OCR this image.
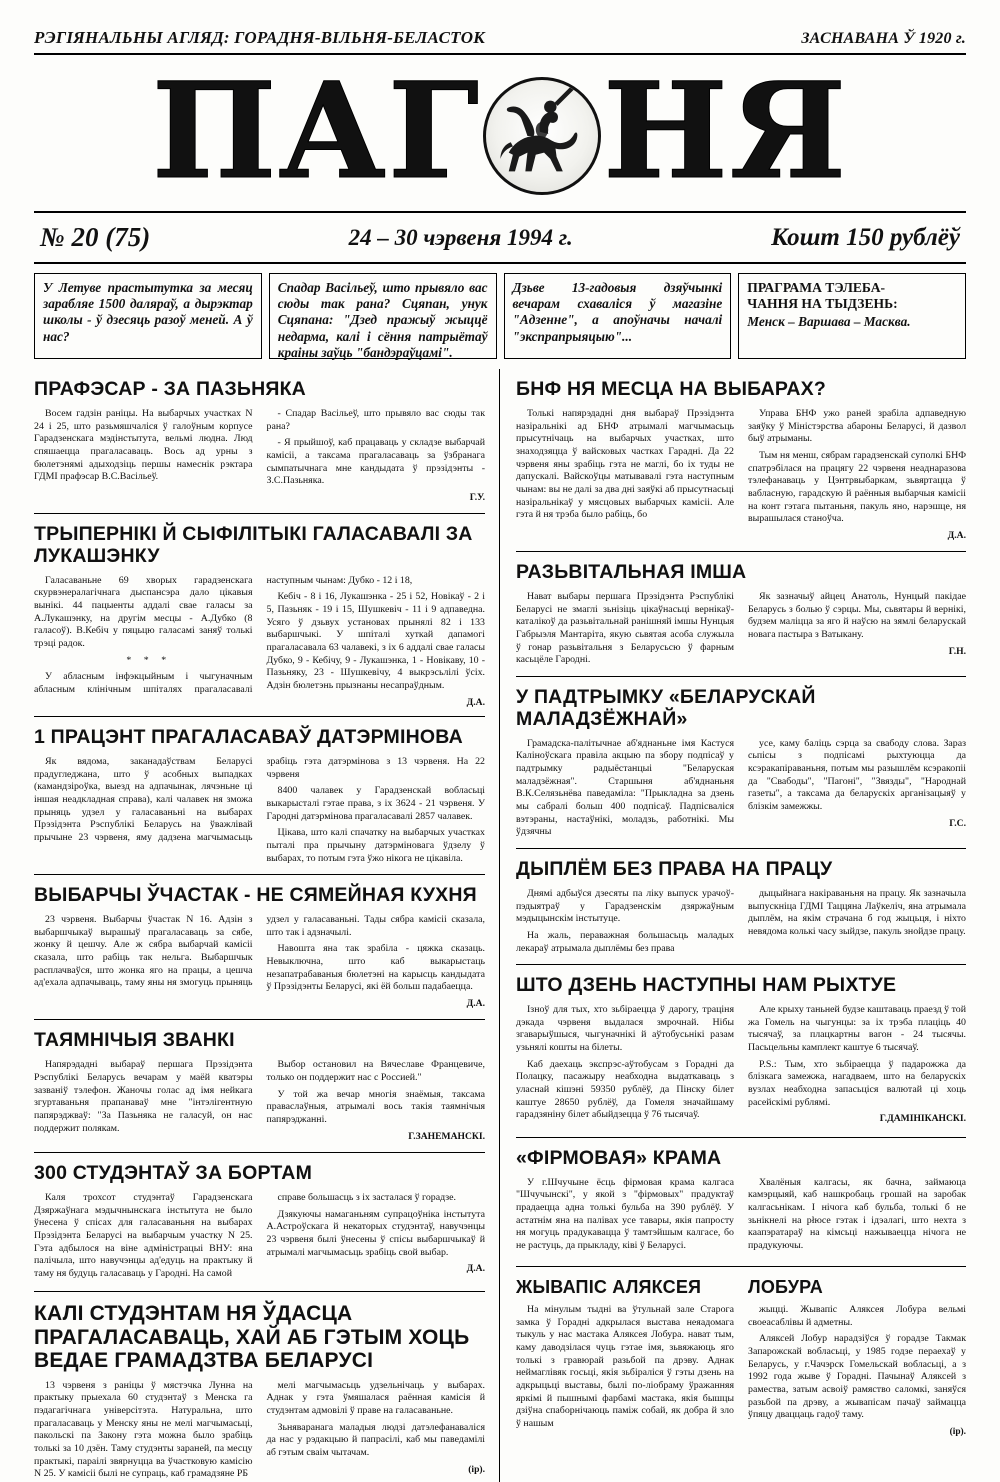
РЭГІЯНАЛЬНЫ АГЛЯД: ГОРАДНЯ-ВІЛЬНЯ-БЕЛАСТОК	ЗАСНАВАНА Ў 1920 г.
ПАГ НЯ
№ 20 (75)	24 – 30 чэрвеня 1994 г.	Кошт 150 рублёў
У Летуве прастытутка за месяц зарабляе 1500 даляраў, а дырэктар школы - ў дзесяць разоў меней. А ў нас?
Спадар Васільеў, што прывяло вас сюды так рана? Сцяпан, унук Сцяпана: "Дзед пражыў жыццё недарма, калі і сёння патрыётаў краіны заўць "бандэраўцамі".
Дзьве 13-гадовыя дзяўчынкі вечарам схаваліся ў магазіне "Адзенне", а апоўначы началі "экспрапрыяцыю"...
ПРАГРАМА ТЭЛЕБА-
ЧАННЯ НА ТЫДЗЕНЬ:
Менск – Варшава – Масква.
ПРАФЭСАР - ЗА ПАЗЬНЯКА

Восем гадзін раніцы. На выбарчых участках N 24 і 25, што разьмяшчаліся ў галоўным корпусе Гарадзенскага мэдінстытута, вельмі людна. Люд спяшаецца прагаласаваць. Вось ад урны з бюлетэнямі адыходзіць першы намеснік рэктара ГДМІ прафэсар В.С.Васільеў.

- Спадар Васільеў, што прывяло вас сюды так рана?

- Я прыйшоў, каб працаваць у складзе выбарчай камісіі, а таксама прагаласаваць за ўзбранага сымпатычнага мне кандыдата ў прэзідэнты - З.С.Пазьняка.

Г.У.

ТРЫПЕРНІКІ Й СЫФІЛІТЫКІ ГАЛАСАВАЛІ ЗА ЛУКАШЭНКУ

Галасаваньне 69 хворых гарадзенскага скурвэнералагічнага дыспансэра дало цікавыя вынікі. 44 пацыенты аддалі свае галасы за А.Лукашэнку, на другім месцы - А.Дубко (8 галасоў). В.Кебіч у пяцьцю галасамі заняў толькі трэці радок.

* * *

У абласным інфэкцыйным і чыгуначным абласным клінічным шпіталях прагаласавалі наступным чынам: Дубко - 12 і 18,

Кебіч - 8 і 16, Лукашэнка - 25 і 52, Новікаў - 2 і 5, Пазьняк - 19 і 15, Шушкевіч - 11 і 9 адпаведна. Усяго ў дзьвух установах прынялі 82 і 133 выбаршчыкі. У шпіталі хуткай дапамогі прагаласавала 63 чалавекі, з іх 6 аддалі свае галасы Дубко, 9 - Кебічу, 9 - Лукашэнка, 1 - Новікаву, 10 - Пазьняку, 23 - Шушкевічу, 4 выкрэсьлілі ўсіх. Адзін бюлетэнь прызнаны несапраўдным.

Д.А.

1 ПРАЦЭНТ ПРАГАЛАСАВАЎ ДАТЭРМІНОВА

Як вядома, заканадаўствам Беларусі прадугледжана, што ў асобных выпадках (камандзіроўка, выезд на адпачынак, лячэньне ці іншая неадкладная справа), калі чалавек ня зможа прыняць удзел у галасаваньні на выбарах Прэзідэнта Рэспублікі Беларусь на ўважлівай прычыне 23 чэрвеня, яму дадзена магчымасьць зрабіць гэта датэрмінова з 13 чэрвеня. На 22 чэрвеня

8400 чалавек у Гарадзенскай вобласьці выкарысталі гэтае права, з іх 3624 - 21 чэрвеня. У Гародні датэрмінова прагаласавалі 2857 чалавек.

Цікава, што калі спачатку на выбарчых участках пыталі пра прычыну датэрміновага ўдзелу ў выбарах, то потым гэта ўжо нікога не цікавіла.

ВЫБАРЧЫ ЎЧАСТАК - НЕ СЯМЕЙНАЯ КУХНЯ

23 чэрвеня. Выбарчы ўчастак N 16. Адзін з выбаршчыкаў вырашыў прагаласаваць за сябе, жонку й цешчу. Але ж сябра выбарчай камісіі сказала, што рабіць так нельга. Выбаршчык расплачваўся, што жонка яго на працы, а цешча ад'ехала адпачываць, таму яны ня змогуць прыняць удзел у галасаваньні. Тады сябра камісіі сказала, што так і адзначылі.

Навошта яна так зрабіла - цяжка сказаць. Невыключна, што каб выкарыстаць незапатрабаваныя бюлетэні на карысць кандыдата ў Прэзідэнты Беларусі, які ёй больш падабаецца.

Д.А.

ТАЯМНІЧЫЯ ЗВАНКІ

Напярэдадні выбараў першага Прэзідэнта Рэспублікі Беларусь вечарам у маёй кватэры зазваніў тэлефон. Жаночы голас ад імя нейкага згуртаваньня прапанаваў мне "інтэлігентную папярэджваў: "За Пазьняка не галасуй, он нас поддержит полякам.

Выбор остановил на Вячеславе Францевиче, только он поддержит нас с Россией."

У той жа вечар многія знаёмыя, таксама праваслаўныя, атрымалі вось такія таямнічыя папярэджанні.

Г.ЗАНЕМАНСКІ.

300 СТУДЭНТАЎ ЗА БОРТАМ

Каля трохсот студэнтаў Гарадзенскага Дзяржаўнага мэдычнынскага інстытута не было ўнесена ў спісах для галасаваньня на выбарах Прэзідэнта Беларусі на выбарчым участку N 25. Гэта адбылося на віне адміністрацыі ВНУ: яна палічыла, што навучэнцы ад'едуць на практыку й таму ня будуць галасаваць у Гародні. На самой

справе большасць з іх засталася ў горадзе.

Дзякуючы намаганьням супрацоўніка інстытута А.Астроўскага й некаторых студэнтаў, навучэнцы 23 чэрвеня былі ўнесены ў спісы выбаршчыкаў й атрымалі магчымасьць зрабіць свой выбар.

Д.А.

КАЛІ СТУДЭНТАМ НЯ ЎДАСЦА ПРАГАЛАСАВАЦЬ, ХАЙ АБ ГЭТЫМ ХОЦЬ ВЕДАЕ ГРАМАДЗТВА БЕЛАРУСІ

13 чэрвеня з раніцы ў мястэчка Лунна на практыку прыехала 60 студэнтаў з Менска га пэдагагічнага універсітэта. Натуральна, што прагаласаваць у Менску яны не мелі магчымасьці, пакольскі па Закону гэта можна было зрабіць толькі за 10 дзён. Таму студэнты зараней, па месцу практыкі, параілі звярнуцца ва ўчастковую камісію N 25. У камісіі былі не супраць, каб грамадзяне РБ

мелі магчымасьць удзельнічаць у выбарах. Аднак у гэта ўмяшалася раённая камісія й студэнтам адмовілі ў праве на галасаваньне.

Зьняваранага маладыя людзі датэлефанаваліся да нас у рэдакцыю й папрасілі, каб мы паведамілі аб гэтым сваім чытачам.

(ір).

БНФ НЯ МЕСЦА НА ВЫБАРАХ?

Толькі напярэдадні дня выбараў Прэзідэнта назіральнікі ад БНФ атрымалі магчымасьць прысутнічаць на выбарчых участках, што знаходзяцца ў вайсковых частках Гарадні. Да 22 чэрвеня яны зрабіць гэта не маглі, бо іх туды не дапускалі. Вайскоўцы матывавалі гэта наступным чынам: вы не далі за два дні заяўкі аб прысутнасьці назіральнікаў у мясцовых выбарчых камісіі. Але гэта й ня трэба было рабіць, бо

Управа БНФ ужо раней зрабіла адпаведную заяўку ў Міністэрства абароны Беларусі, й дазвол быў атрыманы.

Тым ня менш, сябрам гарадзенскай суполкі БНФ спатрэбілася на працягу 22 чэрвеня неаднаразова тэлефанаваць у Цэнтрвыбаркам, зьвяртацца ў вабласную, гарадскую й раённыя выбарчыя камісіі на конт гэтага пытаньня, пакуль яно, нарэшце, ня вырашылася станоўча.

Д.А.

РАЗЬВІТАЛЬНАЯ ІМША

Нават выбары першага Прэзідэнта Рэспублікі Беларусі не змаглі зьнізіць цікаўнасьці вернікаў-каталікоў да разьвітальнай ранішняй імшы Нунцыя Габрыэля Мантаріта, якую сьвятая асоба служыла ў гонар разьвітальня з Беларусьсю ў фарным касьцёле Гародні.

Як зазначыў айцец Анатоль, Нунцый пакідае Беларусь з болью ў сэрцы. Мы, сьвятары й вернікі, будзем маліцца за яго й наўсю на зямлі беларускай новага пастыра з Ватыкану.

Г.Н.

У ПАДТРЫМКУ «БЕЛАРУСКАЙ МАЛАДЗЁЖНАЙ»

Грамадска-палітычнае аб'яднаньне імя Кастуся Каліноўскага правіла акцыю па збору подпісаў у падтрымку радыёстанцыі "Беларуская маладзёжная". Старшыня аб'яднаньня В.К.Селязьнёва паведаміла: "Прыкладна за дзень мы сабралі больш 400 подпісаў. Падпісваліся вэтэраны, настаўнікі, моладзь, работнікі. Мы ўдзячны

усе, каму баліць сэрца за свабоду слова. Зараз сьпісы з подпісамі рыхтуюцца да ксэракапіраваньня, потым мы разышлём ксэракопіі да "Свабоды", "Пагоні", "Звязды", "Народнай газеты", а таксама да беларускіх арганізацыяў у блізкім замежжы.

Г.С.

ДЫПЛЁМ БЕЗ ПРАВА НА ПРАЦУ

Днямі адбыўся дзесяты па ліку выпуск урачоў-пэдыятраў у Гарадзенскім дзяржаўным мэдыцынскім інстытуце.

На жаль, пераважная большасьць маладых лекараў атрымала дыплёмы без права

дыцыйнага накіраваньня на працу. Як зазначыла выпускніца ГДМІ Таццяна Лаўкеліч, яна атрымала дыплём, на якім страчана б год жыцьця, і ніхто невядома колькі часу зыйдзе, пакуль знойдзе працу.

ШТО ДЗЕНЬ НАСТУПНЫ НАМ РЫХТУЕ

Ізноў для тых, хто зьбіраецца ў дарогу, траціня дэкада чэрвеня выдалася змрочнай. Нібы згаварыўшыся, чыгуначнікі й аўтобусьнікі разам узьнялі кошты на білеты.

Каб даехаць экспрэс-аўтобусам з Горадні да Полацку, пасажыру неабходна выдаткаваць з уласнай кішэні 59350 рублёў, да Пінску білет каштуе 28650 рублёў, да Гомеля значайшаму гарадзяніну білет абыйдзецца ў 76 тысячаў.

Але крыху таньней будзе каштаваць праезд ў той жа Гомель на чыгунцы: за іх трэба плаціць 40 тысячаў, за плацкартны вагон - 24 тысячы. Пасьцельны камплект каштуе 6 тысячаў.

P.S.: Тым, хто зьбіраецца ў падарожжа да блізкага замежжа, нагадваем, што на беларускіх вузлах неабходна запасьціся валютай ці хоць расейскімі рублямі.

Г.ДАМІНІКАНСКІ.

«ФІРМОВАЯ» КРАМА

У г.Шчучыне ёсць фірмовая крама калгаса "Шчучынскі", у якой з "фірмовых" прадуктаў прадаецца адна толькі бульба на 390 рублёў. У астатнім яна на палівах усе тавары, якія папросту ня могуць прадукавацца ў тамтэйшым калгасе, бо не растуць, да прыкладу, ківі ў Беларусі.

Хвалёныя калгасы, як бачна, займаюца камэрцыяй, каб нашкробаць грошай на заробак калгасьнікам. І нічога каб бульба, толькі б не зьнікнелі на płюсе гэтак і ідэалагі, што нехта з каапэратараў на кімсьці нажываецца нічога не прадукуючы.

ЖЫВАПІС АЛЯКСЕЯ

На мінулым тыдні ва ўтульнай зале Старога замка ў Горадні адкрылася выстава неяадомага тыкуль у нас мастака Аляксея Лобура. нават тым, каму даводзілася чуць гэтае імя, зьвяжаюць яго толькі з гравюрай разьбой па дрэву. Аднак неймаглівяк госьці, якія зьбіраліся ў гэты дзень на адкрыцьці выставы, былі по-ліобраму ўражанняя яркімі й пышнымі фарбамі мастака, якія бышцы дзіўна спаборнічаюць паміж собай, як добра й зло ў нашым

ЛОБУРА

жыцці. Жывапіс Аляксея Лобура вельмі своеасаблівы й адметны.

Аляксей Лобур нарадзіўся ў горадзе Такмак Запарожскай вобласьці, у 1985 годзе пераехаў у Беларусь, у г.Чачэрск Гомельскай вобласьці, а з 1992 года жыве ў Горадні. Пачынаў Аляксей з рамества, затым асвоіў рамяство саломкі, заняўся разьбой па дрэву, а жывапісам пачаў займацца ўпяцу дваццаць гадоў таму.

(ір).
